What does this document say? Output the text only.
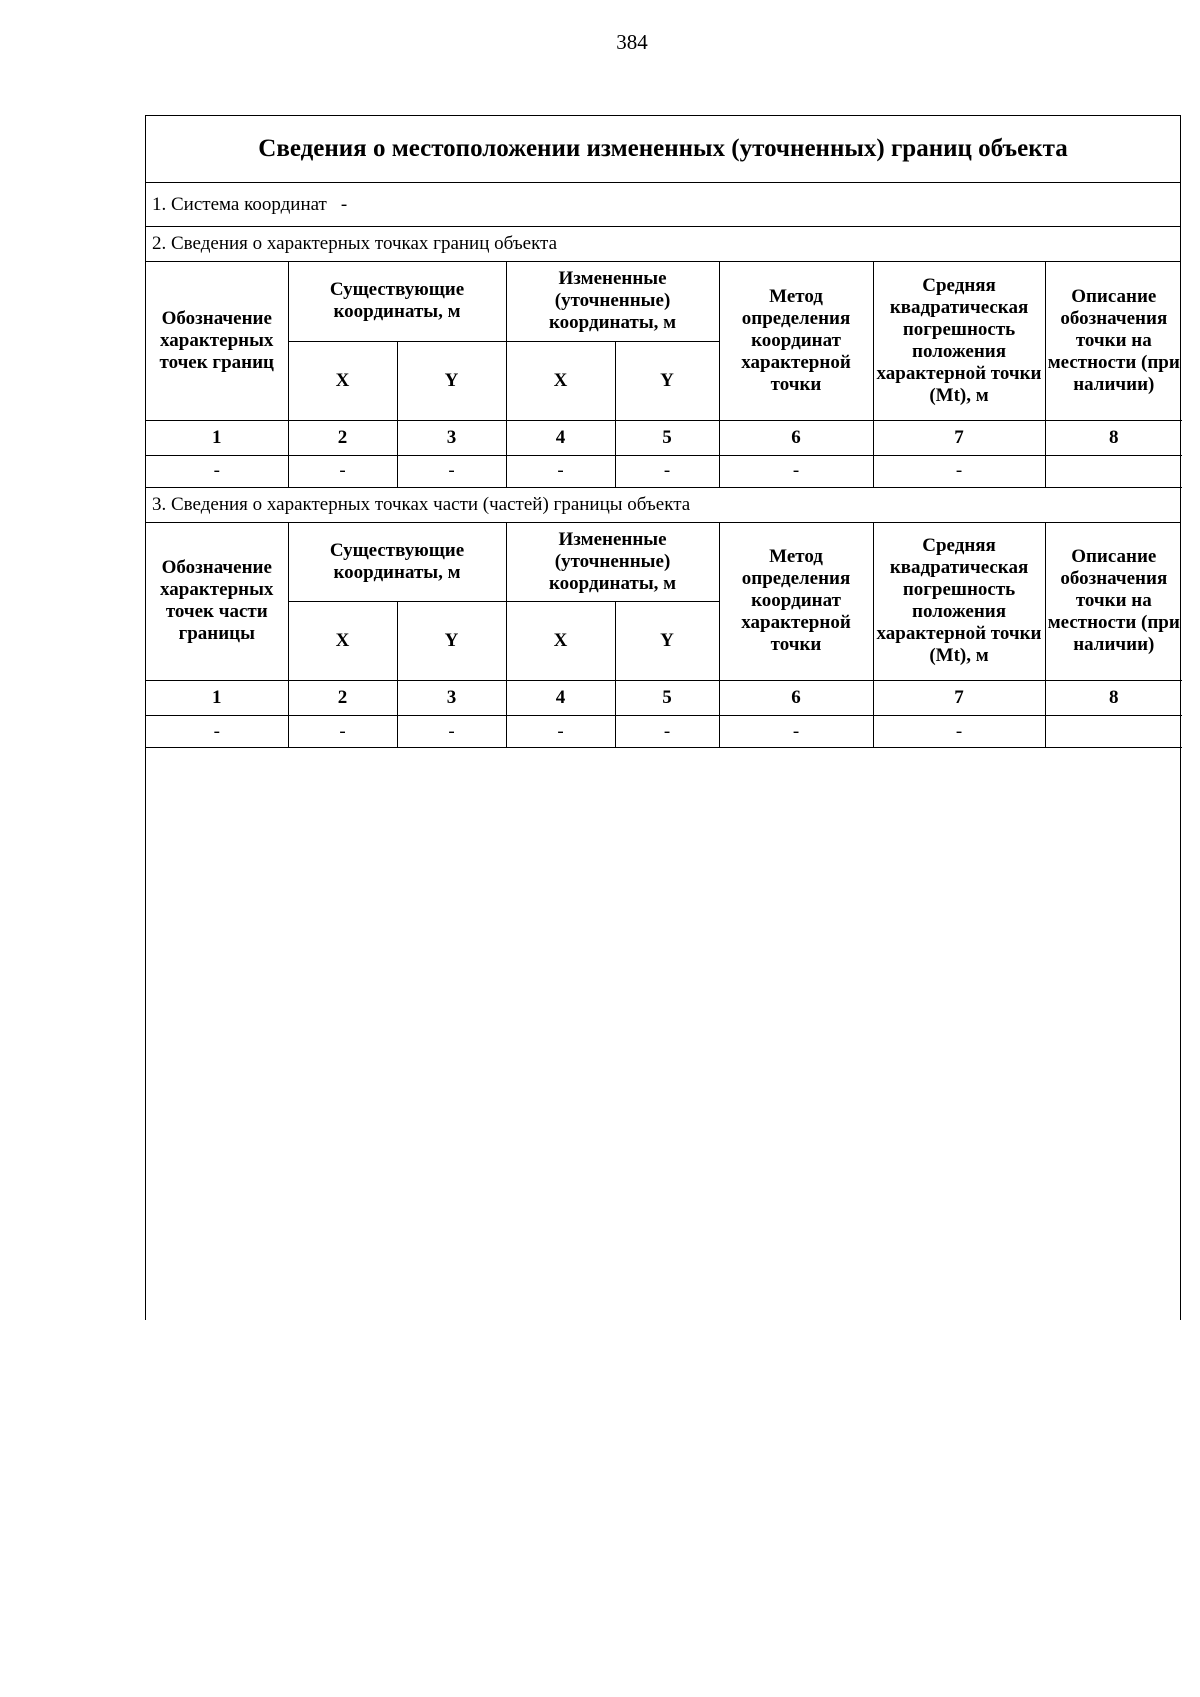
384
Сведения о местоположении измененных (уточненных) границ объекта
1. Система координат -
2. Сведения о характерных точках границ объекта
Обозначение характерных точек границ	Существующие координаты, м		Измененные (уточненные) координаты, м		Метод определения координат характерной точки	Средняя квадратическая погрешность положения характерной точки (Mt), м	Описание обозначения точки на местности (при наличии)
	X	Y	X	Y			
1	2	3	4	5	6	7	8
-	-	-	-	-	-	-	
3. Сведения о характерных точках части (частей) границы объекта
Обозначение характерных точек части границы	Существующие координаты, м		Измененные (уточненные) координаты, м		Метод определения координат характерной точки	Средняя квадратическая погрешность положения характерной точки (Mt), м	Описание обозначения точки на местности (при наличии)
	X	Y	X	Y			
1	2	3	4	5	6	7	8
-	-	-	-	-	-	-	
